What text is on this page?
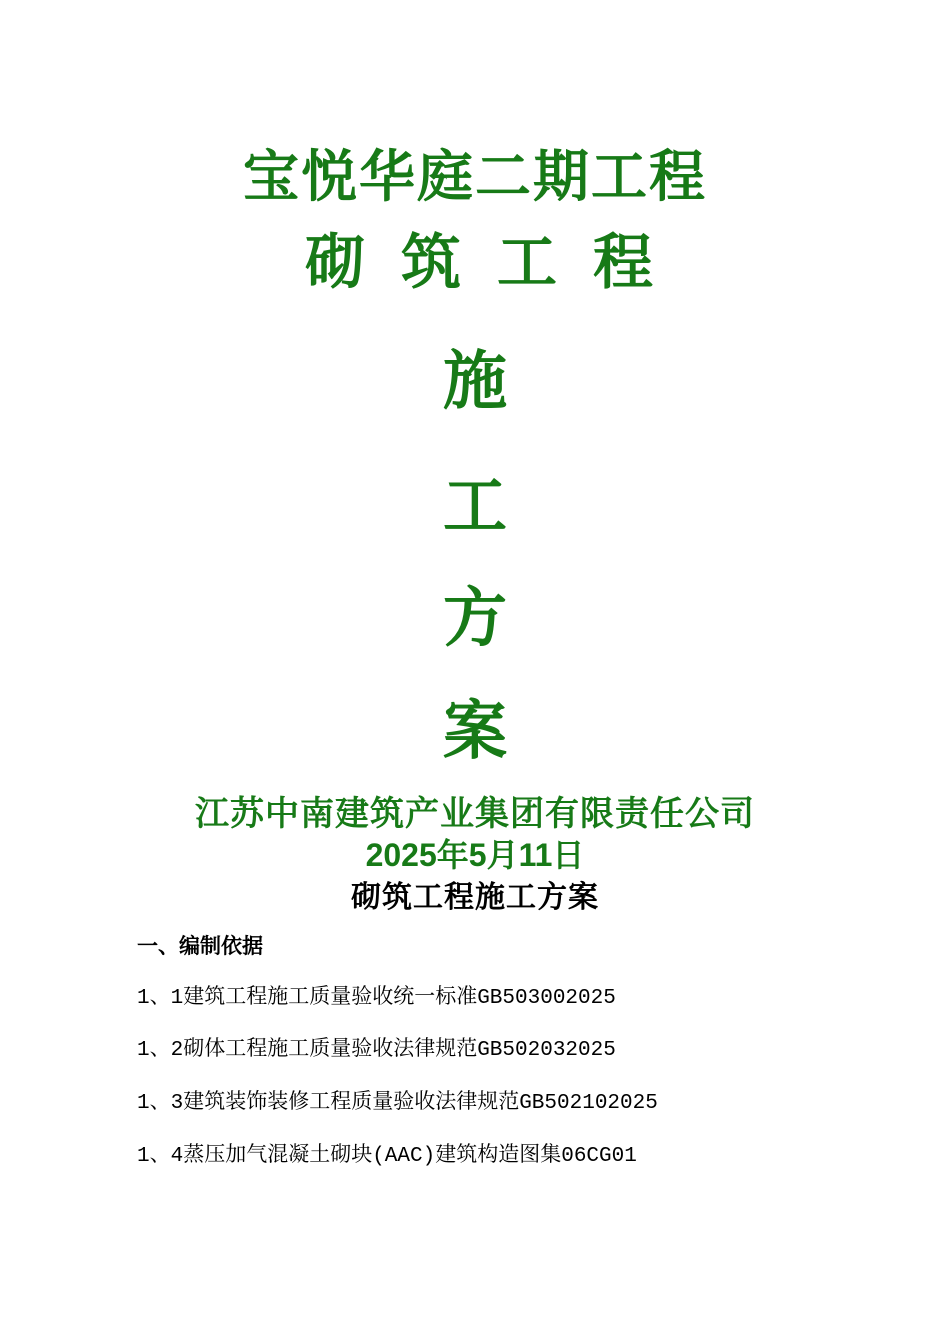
宝悦华庭二期工程
砌筑工程
施
工
方
案
江苏中南建筑产业集团有限责任公司
2025年5月11日
砌筑工程施工方案
一、编制依据
1、1建筑工程施工质量验收统一标准GB503002025
1、2砌体工程施工质量验收法律规范GB502032025
1、3建筑装饰装修工程质量验收法律规范GB502102025
1、4蒸压加气混凝土砌块(AAC)建筑构造图集06CG01
